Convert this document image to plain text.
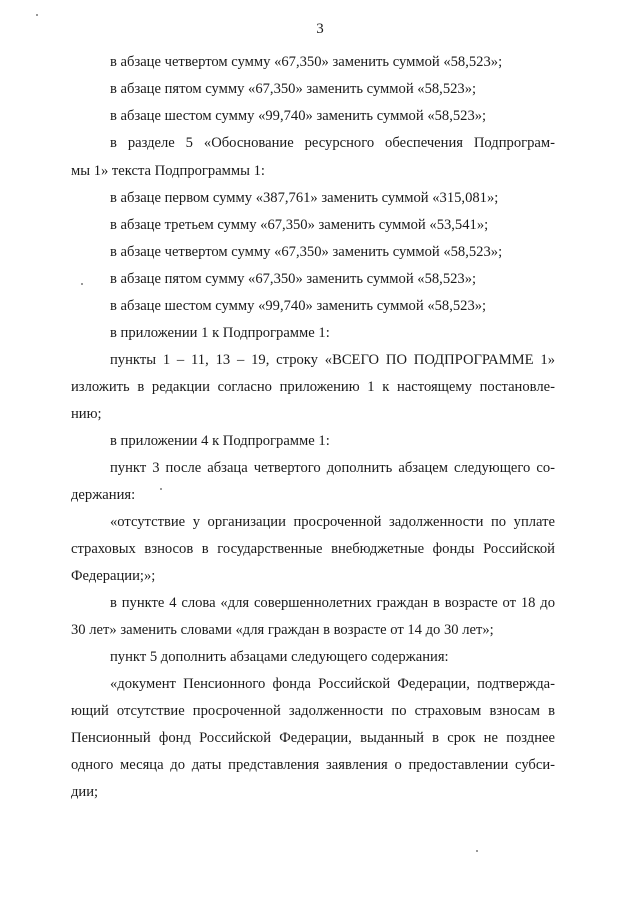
3
в абзаце четвертом сумму «67,350» заменить суммой «58,523»;
в абзаце пятом сумму «67,350» заменить суммой «58,523»;
в абзаце шестом сумму «99,740» заменить суммой «58,523»;
в разделе 5 «Обоснование ресурсного обеспечения Подпрограм-
мы 1» текста Подпрограммы 1:
в абзаце первом сумму «387,761» заменить суммой «315,081»;
в абзаце третьем сумму «67,350» заменить суммой «53,541»;
в абзаце четвертом сумму «67,350» заменить суммой «58,523»;
в абзаце пятом сумму «67,350» заменить суммой «58,523»;
в абзаце шестом сумму «99,740» заменить суммой «58,523»;
в приложении 1 к Подпрограмме 1:
пункты 1 – 11, 13 – 19, строку «ВСЕГО ПО ПОДПРОГРАММЕ 1»
изложить в редакции согласно приложению 1 к настоящему постановле-
нию;
в приложении 4 к Подпрограмме 1:
пункт 3 после абзаца четвертого дополнить абзацем следующего со-
держания:
«отсутствие у организации просроченной задолженности по уплате
страховых взносов в государственные внебюджетные фонды Российской
Федерации;»;
в пункте 4 слова «для совершеннолетних граждан в возрасте от 18 до
30 лет» заменить словами «для граждан в возрасте от 14 до 30 лет»;
пункт 5 дополнить абзацами следующего содержания:
«документ Пенсионного фонда Российской Федерации, подтвержда-
ющий отсутствие просроченной задолженности по страховым взносам в
Пенсионный фонд Российской Федерации, выданный в срок не позднее
одного месяца до даты представления заявления о предоставлении субси-
дии;
